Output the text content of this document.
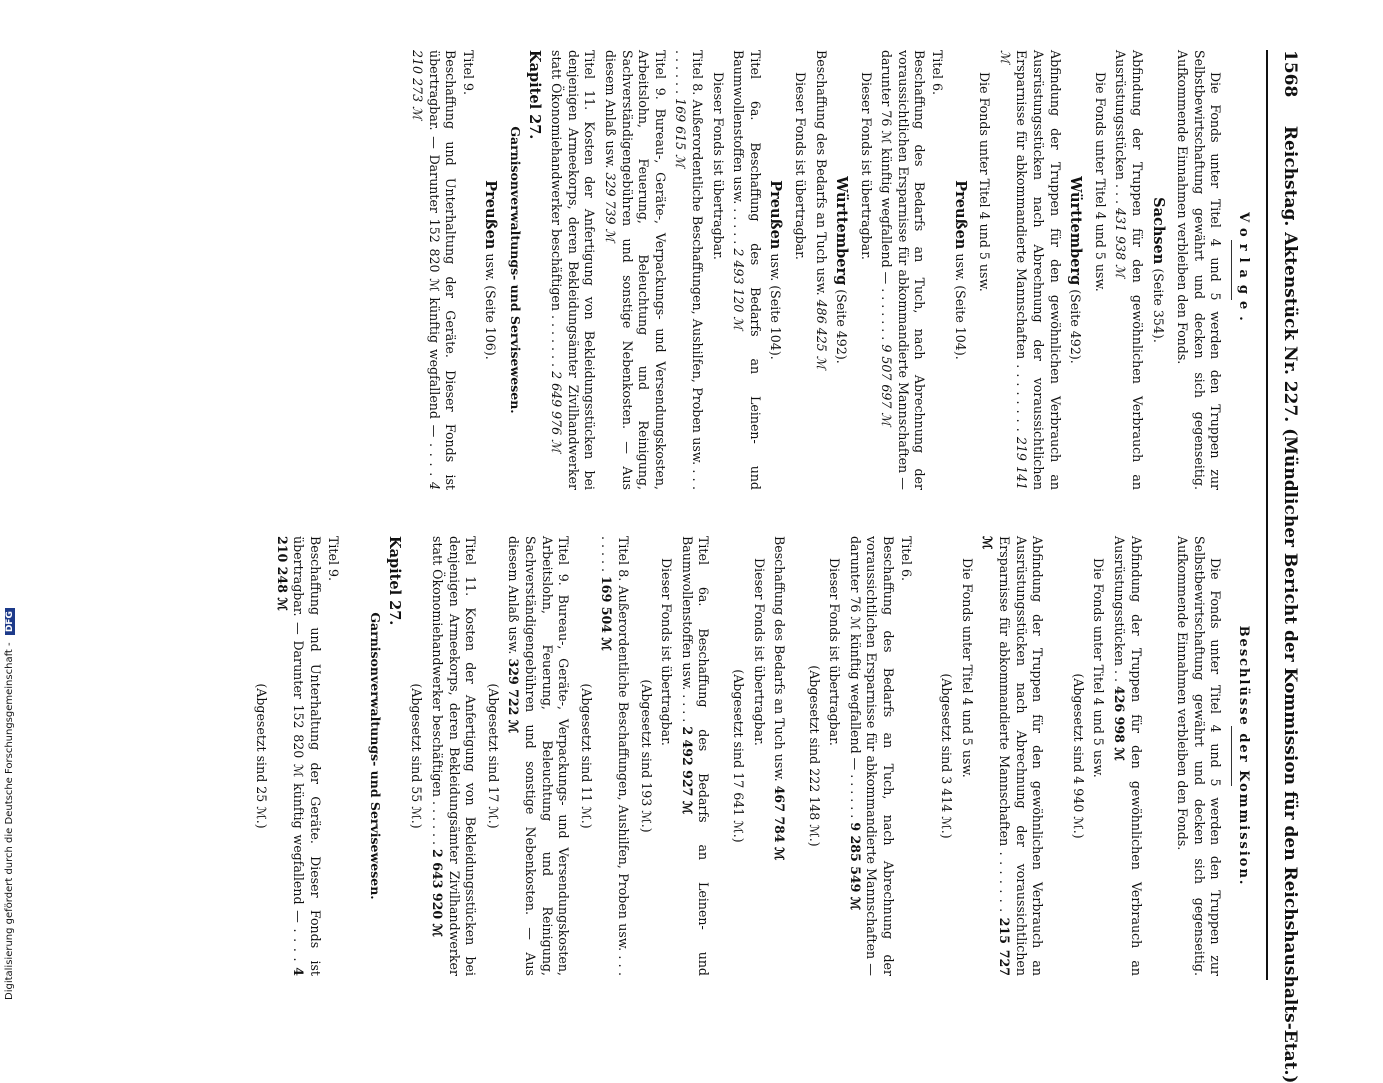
1568 Reichstag. Aktenstück Nr. 227. (Mündlicher Bericht der Kommission für den Reichshaushalts-Etat.)
Vorlage.

Die Fonds unter Titel 4 und 5 werden den Truppen zur Selbstbewirtschaftung gewährt und decken sich gegenseitig. Aufkommende Einnahmen verbleiben den Fonds.

Sachsen (Seite 354).

Abfindung der Truppen für den gewöhnlichen Verbrauch an Ausrüstungsstücken . . . 431 938 ℳ

Die Fonds unter Titel 4 und 5 usw.

Württemberg (Seite 492).

Abfindung der Truppen für den gewöhnlichen Verbrauch an Ausrüstungsstücken nach Abrechnung der voraussichtlichen Ersparnisse für abkommandierte Mannschaften . . . . . . . . 219 141 ℳ

Die Fonds unter Titel 4 und 5 usw.

Preußen usw. (Seite 104).
Titel 6.

Beschaffung des Bedarfs an Tuch, nach Abrechnung der voraussichtlichen Ersparnisse für abkommandierte Mannschaften — darunter 76 ℳ künftig wegfallend — . . . . . . . 9 507 697 ℳ

Dieser Fonds ist übertragbar.

Württemberg (Seite 492).

Beschaffung des Bedarfs an Tuch usw. 486 425 ℳ

Dieser Fonds ist übertragbar.

Preußen usw. (Seite 104).

Titel 6a. Beschaffung des Bedarfs an Leinen- und Baumwollenstoffen usw. . . . . . 2 493 120 ℳ

Dieser Fonds ist übertragbar.

Titel 8. Außerordentliche Beschaffungen, Aushilfen, Proben usw. . . . . . . . . . 169 615 ℳ

Titel 9. Bureau-, Geräte-, Verpackungs- und Versendungskosten, Arbeitslohn, Feuerung, Beleuchtung und Reinigung, Sachverständigengebühren und sonstige Nebenkosten. — Aus diesem Anlaß usw. 329 739 ℳ

Titel 11. Kosten der Anfertigung von Bekleidungsstücken bei denjenigen Armeekorps, deren Bekleidungsämter Zivilhandwerker statt Ökonomiehandwerker beschäftigen . . . . . . . 2 649 976 ℳ

Kapitel 27.
Garnisonverwaltungs- und Servisewesen.
Preußen usw. (Seite 106).
Titel 9.

Beschaffung und Unterhaltung der Geräte. Dieser Fonds ist übertragbar. — Darunter 152 820 ℳ künftig wegfallend — . . . . 4 210 273 ℳ

Beschlüsse der Kommission.

Die Fonds unter Titel 4 und 5 werden den Truppen zur Selbstbewirtschaftung gewährt und decken sich gegenseitig. Aufkommende Einnahmen verbleiben den Fonds.

Abfindung der Truppen für den gewöhnlichen Verbrauch an Ausrüstungsstücken . . 426 998 ℳ

Die Fonds unter Titel 4 und 5 usw.

(Abgesetzt sind 4 940 ℳ.)

Abfindung der Truppen für den gewöhnlichen Verbrauch an Ausrüstungsstücken nach Abrechnung der voraussichtlichen Ersparnisse für abkommandierte Mannschaften . . . . . . . 215 727 ℳ

Die Fonds unter Titel 4 und 5 usw.

(Abgesetzt sind 3 414 ℳ.)
Titel 6.

Beschaffung des Bedarfs an Tuch, nach Abrechnung der voraussichtlichen Ersparnisse für abkommandierte Mannschaften — darunter 76 ℳ künftig wegfallend — . . . . . . 9 285 549 ℳ

Dieser Fonds ist übertragbar.

(Abgesetzt sind 222 148 ℳ.)

Beschaffung des Bedarfs an Tuch usw. 467 784 ℳ

Dieser Fonds ist übertragbar.

(Abgesetzt sind 17 641 ℳ.)

Titel 6a. Beschaffung des Bedarfs an Leinen- und Baumwollenstoffen usw. . . . . 2 492 927 ℳ

Dieser Fonds ist übertragbar.

(Abgesetzt sind 193 ℳ.)

Titel 8. Außerordentliche Beschaffungen, Aushilfen, Proben usw. . . . . . . . . 169 504 ℳ

(Abgesetzt sind 11 ℳ.)

Titel 9. Bureau-, Geräte-, Verpackungs- und Versendungskosten, Arbeitslohn, Feuerung, Beleuchtung und Reinigung, Sachverständigengebühren und sonstige Nebenkosten. — Aus diesem Anlaß usw. 329 722 ℳ

(Abgesetzt sind 17 ℳ.)

Titel 11. Kosten der Anfertigung von Bekleidungsstücken bei denjenigen Armeekorps, deren Bekleidungsämter Zivilhandwerker statt Ökonomiehandwerker beschäftigen . . . . . . 2 643 920 ℳ

(Abgesetzt sind 55 ℳ.)
Kapitel 27.
Garnisonverwaltungs- und Servisewesen.
Titel 9.

Beschaffung und Unterhaltung der Geräte. Dieser Fonds ist übertragbar. — Darunter 152 820 ℳ künftig wegfallend — . . . . 4 210 248 ℳ

(Abgesetzt sind 25 ℳ.)
Digitalisierung gefördert durch die Deutsche Forschungsgemeinschaft - DFG
